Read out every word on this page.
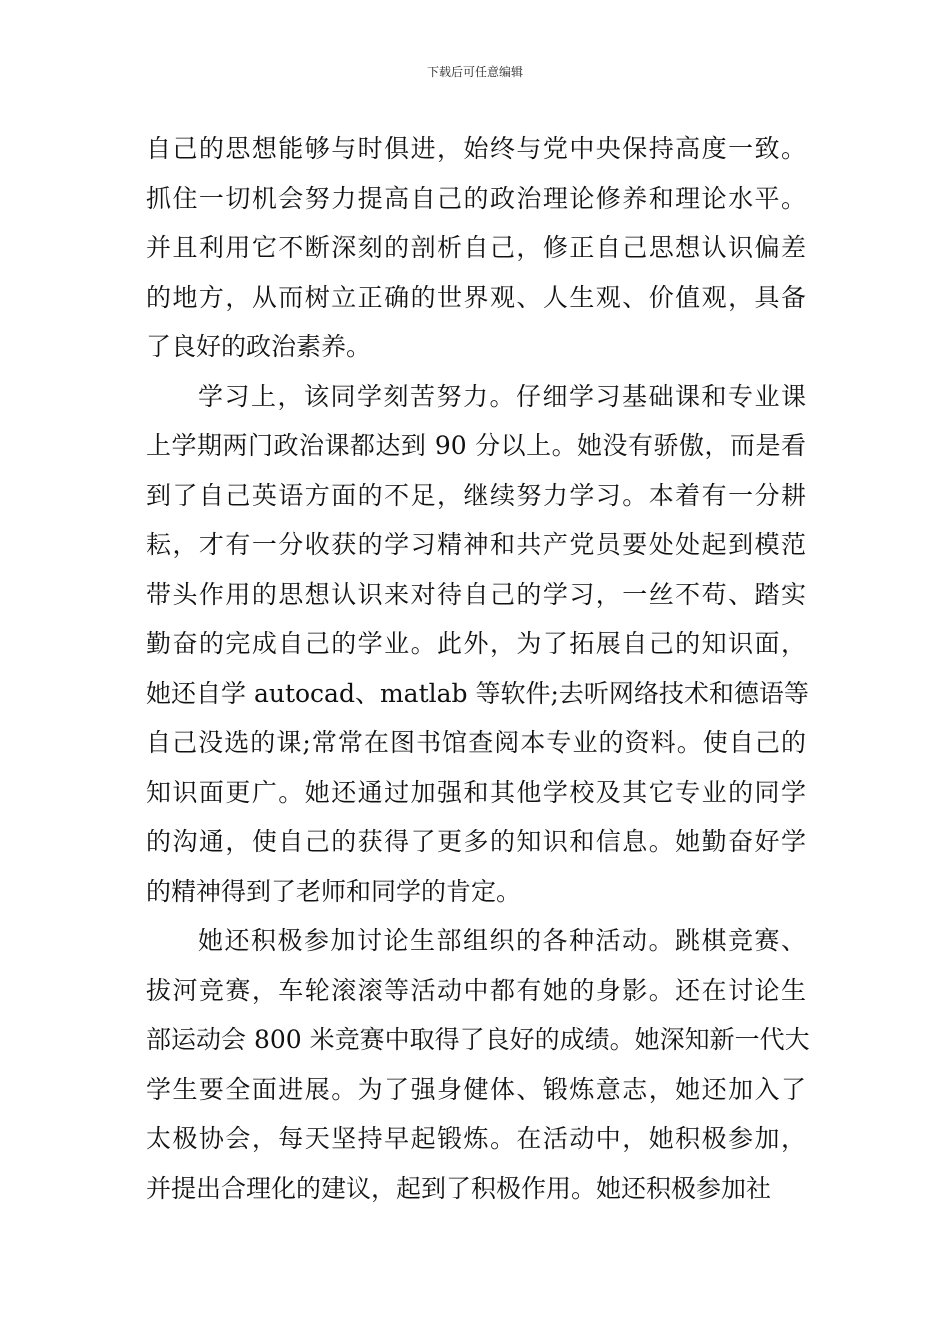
下载后可任意编辑
自己的思想能够与时俱进，始终与党中央保持高度一致。
抓住一切机会努力提高自己的政治理论修养和理论水平。
并且利用它不断深刻的剖析自己，修正自己思想认识偏差
的地方，从而树立正确的世界观、人生观、价值观，具备
了良好的政治素养。
学习上，该同学刻苦努力。仔细学习基础课和专业课
上学期两门政治课都达到 90 分以上。她没有骄傲，而是看
到了自己英语方面的不足，继续努力学习。本着有一分耕
耘，才有一分收获的学习精神和共产党员要处处起到模范
带头作用的思想认识来对待自己的学习，一丝不苟、踏实
勤奋的完成自己的学业。此外，为了拓展自己的知识面，
她还自学 autocad、matlab 等软件;去听网络技术和德语等
自己没选的课;常常在图书馆查阅本专业的资料。使自己的
知识面更广。她还通过加强和其他学校及其它专业的同学
的沟通，使自己的获得了更多的知识和信息。她勤奋好学
的精神得到了老师和同学的肯定。
她还积极参加讨论生部组织的各种活动。跳棋竞赛、
拔河竞赛，车轮滚滚等活动中都有她的身影。还在讨论生
部运动会 800 米竞赛中取得了良好的成绩。她深知新一代大
学生要全面进展。为了强身健体、锻炼意志，她还加入了
太极协会，每天坚持早起锻炼。在活动中，她积极参加，
并提出合理化的建议，起到了积极作用。她还积极参加社
